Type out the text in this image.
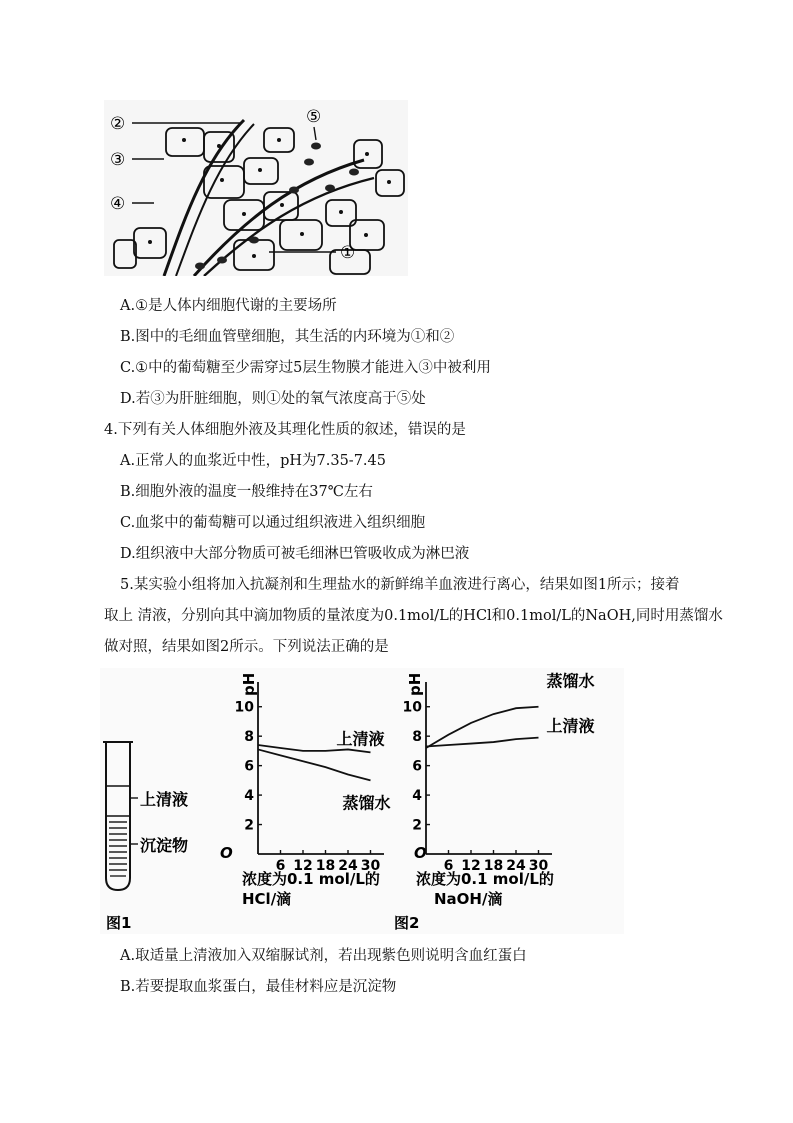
②
③
④
⑤
①
A.①是人体内细胞代谢的主要场所
B.图中的毛细血管壁细胞，其生活的内环境为①和②
C.①中的葡萄糖至少需穿过5层生物膜才能进入③中被利用
D.若③为肝脏细胞，则①处的氧气浓度高于⑤处
4.下列有关人体细胞外液及其理化性质的叙述，错误的是
A.正常人的血浆近中性，pH为7.35-7.45
B.细胞外液的温度一般维持在37℃左右
C.血浆中的葡萄糖可以通过组织液进入组织细胞
D.组织液中大部分物质可被毛细淋巴管吸收成为淋巴液
5.某实验小组将加入抗凝剂和生理盐水的新鲜绵羊血液进行离心，结果如图1所示；接着
取上 清液，分别向其中滴加物质的量浓度为0.1mol/L的HCl和0.1mol/L的NaOH,同时用蒸馏水
做对照，结果如图2所示。下列说法正确的是
上清液
沉淀物
图1	图2
pH
O
浓度为0.1 mol/L的
HCl/滴
2
4
6
8
10
6 12 18 24 30
上清液
蒸馏水
pH
O
浓度为0.1 mol/L的
NaOH/滴
2
4
6
8
10
6 12 18 24 30
蒸馏水
上清液
A.取适量上清液加入双缩脲试剂，若出现紫色则说明含血红蛋白
B.若要提取血浆蛋白，最佳材料应是沉淀物
